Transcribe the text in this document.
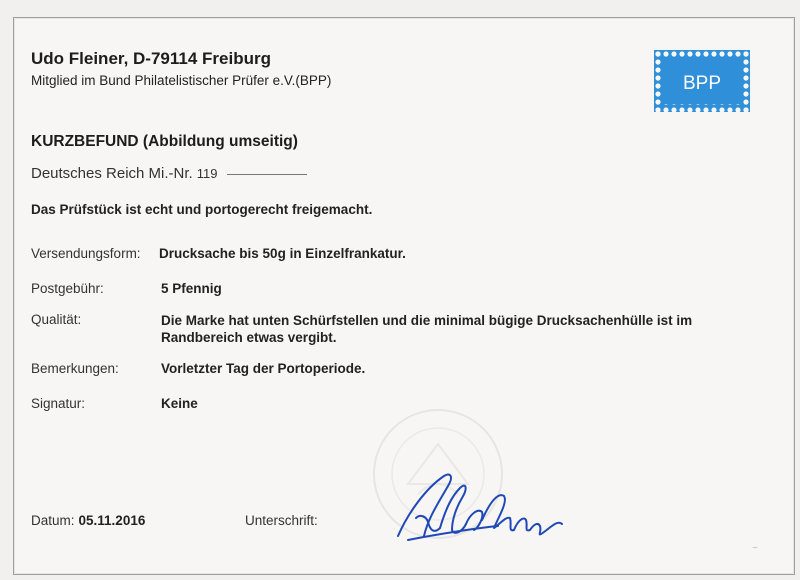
Udo Fleiner, D-79114 Freiburg
Mitglied im Bund Philatelistischer Prüfer e.V.(BPP)	BPP
KURZBEFUND (Abbildung umseitig)
Deutsches Reich Mi.-Nr. 119
Das Prüfstück ist echt und portogerecht freigemacht.
Versendungsform: Drucksache bis 50g in Einzelfrankatur.
Postgebühr:	5 Pfennig
Qualität:	Die Marke hat unten Schürfstellen und die minimal bügige Drucksachenhülle ist im Randbereich etwas vergibt.
Bemerkungen:	Vorletzter Tag der Portoperiode.
Signatur:	Keine
Datum: 05.11.2016	Unterschrift:
~
